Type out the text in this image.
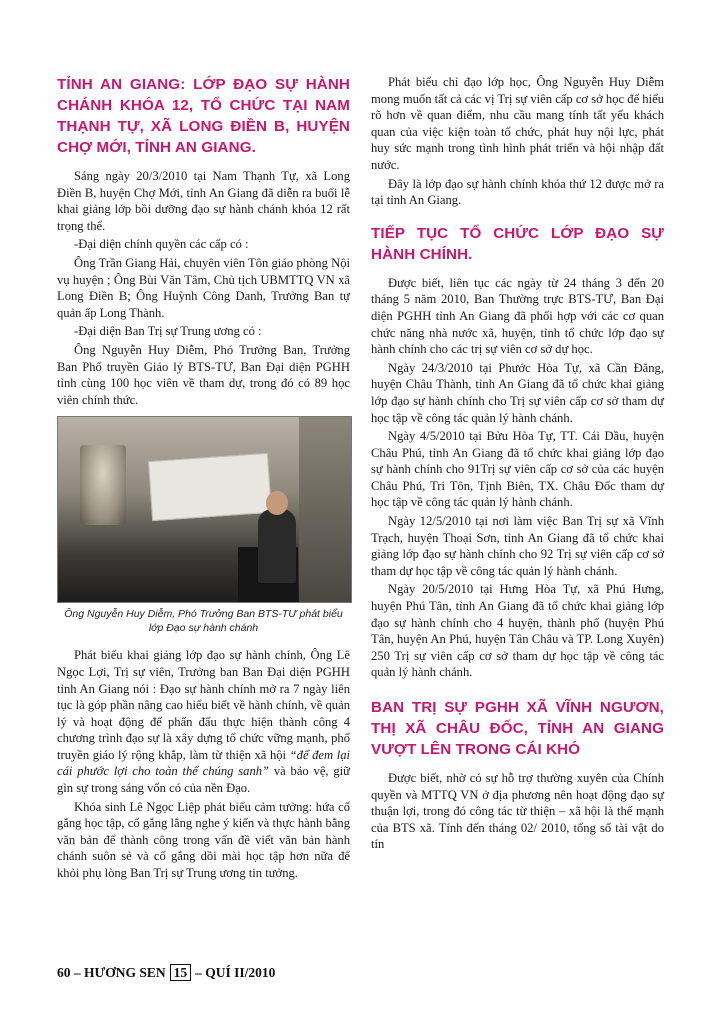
TỈNH AN GIANG: LỚP ĐẠO SỰ HÀNH CHÁNH KHÓA 12, TỔ CHỨC TẠI NAM THẠNH TỰ, XÃ LONG ĐIỀN B, HUYỆN CHỢ MỚI, TỈNH AN GIANG.

Sáng ngày 20/3/2010 tại Nam Thạnh Tự, xã Long Điền B, huyện Chợ Mới, tỉnh An Giang đã diễn ra buổi lễ khai giảng lớp bồi dưỡng đạo sự hành chánh khóa 12 rất trọng thể.

-Đại diện chính quyền các cấp có :

Ông Trần Giang Hải, chuyên viên Tôn giáo phòng Nội vụ huyện ; Ông Bùi Văn Tâm, Chủ tịch UBMTTQ VN xã Long Điền B; Ông Huỳnh Công Danh, Trưởng Ban tự quản ấp Long Thành.

-Đại diện Ban Trị sự Trung ương có :

Ông Nguyễn Huy Diễm, Phó Trưởng Ban, Trưởng Ban Phổ truyền Giáo lý BTS-TƯ, Ban Đại diện PGHH tỉnh cùng 100 học viên về tham dự, trong đó có 89 học viên chính thức.

Ông Nguyễn Huy Diễm, Phó Trưởng Ban BTS-TƯ phát biểu lớp Đạo sự hành chánh

Phát biểu khai giảng lớp đạo sự hành chính, Ông Lê Ngọc Lợi, Trị sự viên, Trưởng ban Ban Đại diện PGHH tỉnh An Giang nói : Đạo sự hành chính mở ra 7 ngày liên tục là góp phần nâng cao hiểu biết về hành chính, về quản lý và hoạt động để phấn đấu thực hiện thành công 4 chương trình đạo sự là xây dựng tổ chức vững mạnh, phổ truyền giáo lý rộng khắp, làm từ thiện xã hội “để đem lại cái phước lợi cho toàn thể chúng sanh” và bảo vệ, giữ gìn sự trong sáng vốn có của nền Đạo.

Khóa sinh Lê Ngọc Liệp phát biểu cảm tưởng: hứa cố gắng học tập, cố gắng lắng nghe ý kiến và thực hành bằng văn bản để thành công trong vấn đề viết văn bản hành chánh suôn sẻ và cố gắng dồi mài học tập hơn nữa để khỏi phụ lòng Ban Trị sự Trung ương tin tưởng.

Phát biểu chỉ đạo lớp học, Ông Nguyễn Huy Diễm mong muốn tất cả các vị Trị sự viên cấp cơ sở học để hiểu rõ hơn về quan điểm, nhu cầu mang tính tất yếu khách quan của việc kiện toàn tổ chức, phát huy nội lực, phát huy sức mạnh trong tình hình phát triển và hội nhập đất nước.

Đây là lớp đạo sự hành chính khóa thứ 12 được mở ra tại tỉnh An Giang.

TIẾP TỤC TỔ CHỨC LỚP ĐẠO SỰ HÀNH CHÍNH.

Được biết, liên tục các ngày từ 24 tháng 3 đến 20 tháng 5 năm 2010, Ban Thường trực BTS-TƯ, Ban Đại diện PGHH tỉnh An Giang đã phối hợp với các cơ quan chức năng nhà nước xã, huyện, tỉnh tổ chức lớp đạo sự hành chính cho các trị sự viên cơ sở dự học.

Ngày 24/3/2010 tại Phước Hòa Tự, xã Cần Đăng, huyện Châu Thành, tỉnh An Giang đã tổ chức khai giảng lớp đạo sự hành chính cho Trị sự viên cấp cơ sở tham dự học tập về công tác quản lý hành chánh.

Ngày 4/5/2010 tại Bửu Hòa Tự, TT. Cái Dầu, huyện Châu Phú, tỉnh An Giang đã tổ chức khai giảng lớp đạo sự hành chính cho 91Trị sự viên cấp cơ sở của các huyện Châu Phú, Tri Tôn, Tịnh Biên, TX. Châu Đốc tham dự học tập về công tác quản lý hành chánh.

Ngày 12/5/2010 tại nơi làm việc Ban Trị sự xã Vĩnh Trạch, huyện Thoại Sơn, tỉnh An Giang đã tổ chức khai giảng lớp đạo sự hành chính cho 92 Trị sự viên cấp cơ sở tham dự học tập về công tác quản lý hành chánh.

Ngày 20/5/2010 tại Hưng Hòa Tự, xã Phú Hưng, huyện Phú Tân, tỉnh An Giang đã tổ chức khai giảng lớp đạo sự hành chính cho 4 huyện, thành phố (huyện Phú Tân, huyện An Phú, huyện Tân Châu và TP. Long Xuyên) 250 Trị sự viên cấp cơ sở tham dự học tập về công tác quản lý hành chánh.

BAN TRỊ SỰ PGHH XÃ VĨNH NGƯƠN, THỊ XÃ CHÂU ĐỐC, TỈNH AN GIANG VƯỢT LÊN TRONG CÁI KHÓ

Được biết, nhờ có sự hỗ trợ thường xuyên của Chính quyền và MTTQ VN ở địa phương nên hoạt động đạo sự thuận lợi, trong đó công tác từ thiện – xã hội là thế mạnh của BTS xã. Tính đến tháng 02/ 2010, tổng số tài vật do tín

60 – HƯƠNG SEN 15 – QUÍ II/2010
